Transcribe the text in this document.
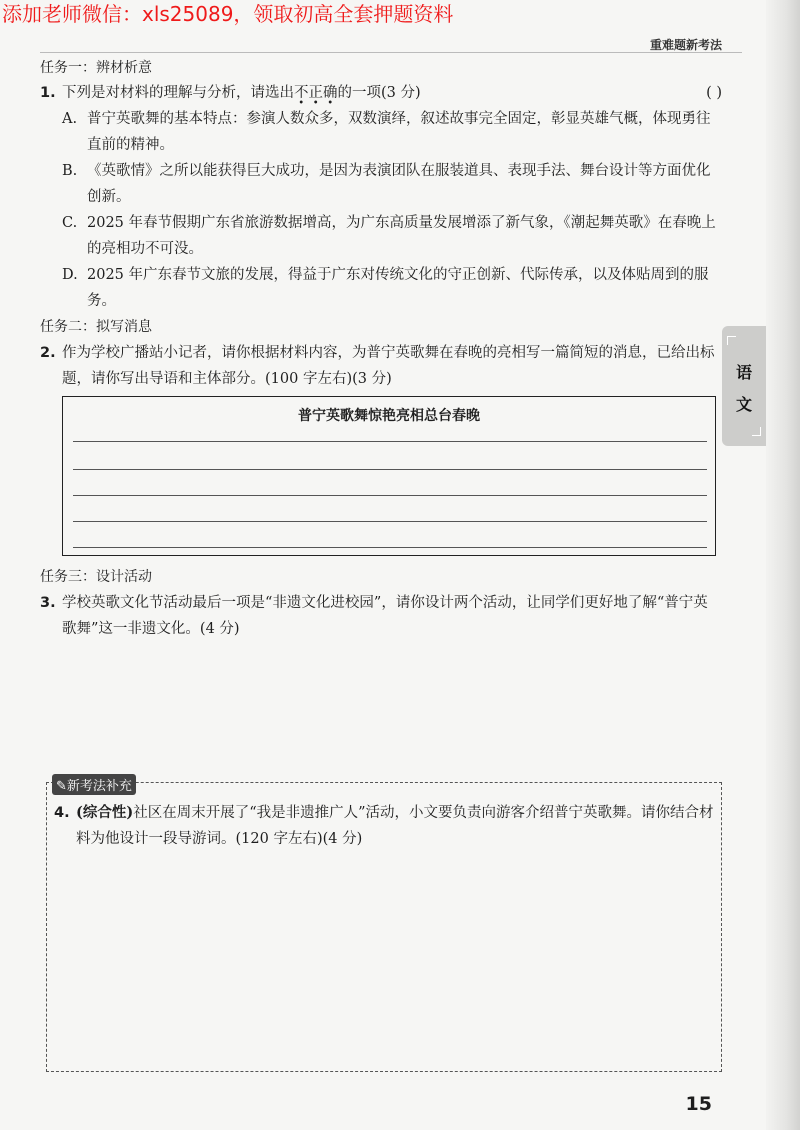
添加老师微信：xls25089，领取初高全套押题资料
重难题新考法
语
文
任务一：辨材析意
1. 下列是对材料的理解与分析，请选出不正确的一项(3 分)	( )
A. 普宁英歌舞的基本特点：参演人数众多，双数演绎，叙述故事完全固定，彰显英雄气概，体现勇往直前的精神。
B. 《英歌情》之所以能获得巨大成功，是因为表演团队在服装道具、表现手法、舞台设计等方面优化创新。
C. 2025 年春节假期广东省旅游数据增高，为广东高质量发展增添了新气象，《潮起舞英歌》在春晚上的亮相功不可没。
D. 2025 年广东春节文旅的发展，得益于广东对传统文化的守正创新、代际传承，以及体贴周到的服务。
任务二：拟写消息
2. 作为学校广播站小记者，请你根据材料内容，为普宁英歌舞在春晚的亮相写一篇简短的消息，已给出标题，请你写出导语和主体部分。(100 字左右)(3 分)
普宁英歌舞惊艳亮相总台春晚
任务三：设计活动
3. 学校英歌文化节活动最后一项是“非遗文化进校园”，请你设计两个活动，让同学们更好地了解“普宁英歌舞”这一非遗文化。(4 分)
✎新考法补充
4. (综合性)社区在周末开展了“我是非遗推广人”活动，小文要负责向游客介绍普宁英歌舞。请你结合材料为他设计一段导游词。(120 字左右)(4 分)
15
